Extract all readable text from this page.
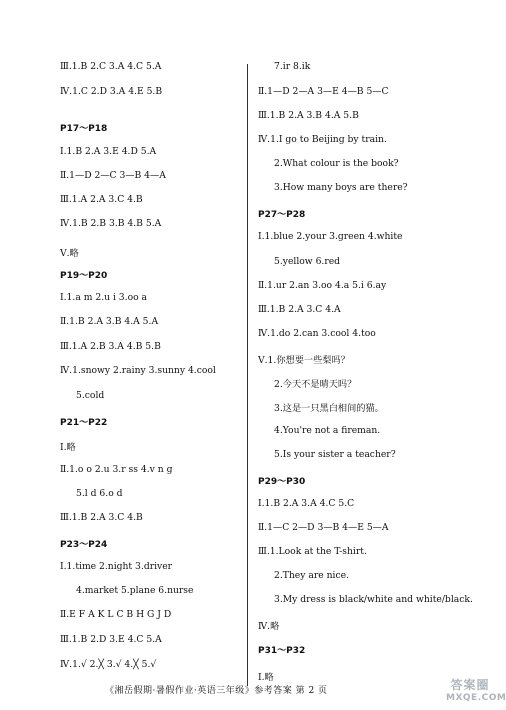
Ⅲ.1.B 2.C 3.A 4.C 5.A
Ⅳ.1.C 2.D 3.A 4.E 5.B
P17～P18
Ⅰ.1.B 2.A 3.E 4.D 5.A
Ⅱ.1—D 2—C 3—B 4—A
Ⅲ.1.A 2.A 3.C 4.B
Ⅳ.1.B 2.B 3.B 4.B 5.A
Ⅴ.略
P19～P20
Ⅰ.1.a m 2.u i 3.oo a
Ⅱ.1.B 2.A 3.B 4.A 5.A
Ⅲ.1.A 2.B 3.A 4.B 5.B
Ⅳ.1.snowy 2.rainy 3.sunny 4.cool
5.cold
P21～P22
Ⅰ.略
Ⅱ.1.o o 2.u 3.r ss 4.v n g
5.l d 6.o d
Ⅲ.1.B 2.A 3.C 4.B
P23～P24
Ⅰ.1.time 2.night 3.driver
4.market 5.plane 6.nurse
Ⅱ.E F A K L C B H G J D
Ⅲ.1.B 2.D 3.E 4.C 5.A
Ⅳ.1.√ 2.╳ 3.√ 4.╳ 5.√
7.ir 8.ik
Ⅱ.1—D 2—A 3—E 4—B 5—C
Ⅲ.1.B 2.A 3.B 4.A 5.B
Ⅳ.1.I go to Beijing by train.
2.What colour is the book?
3.How many boys are there?
P27～P28
Ⅰ.1.blue 2.your 3.green 4.white
5.yellow 6.red
Ⅱ.1.ur 2.an 3.oo 4.a 5.i 6.ay
Ⅲ.1.B 2.A 3.C 4.A
Ⅳ.1.do 2.can 3.cool 4.too
Ⅴ.1.你想要一些梨吗？
2.今天不是晴天吗？
3.这是一只黑白相间的猫。
4.You're not a fireman.
5.Is your sister a teacher?
P29～P30
Ⅰ.1.B 2.A 3.A 4.C 5.C
Ⅱ.1—C 2—D 3—B 4—E 5—A
Ⅲ.1.Look at the T-shirt.
2.They are nice.
3.My dress is black/white and white/black.
Ⅳ.略
P31～P32
Ⅰ.略
《湘岳假期·暑假作业·英语三年级》参考答案 第 2 页	答案圈
MXQE.COM
